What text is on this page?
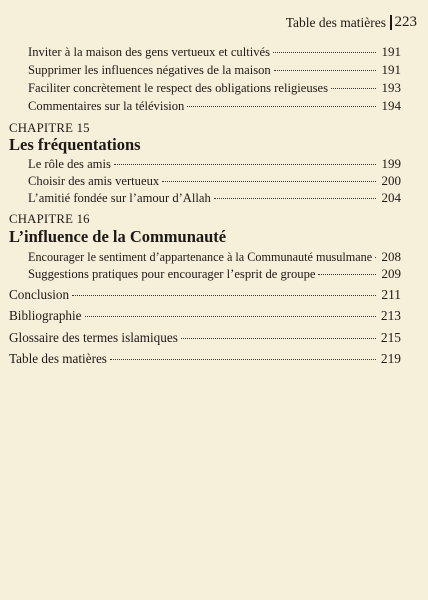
Table des matières 223
Inviter à la maison des gens vertueux et cultivés	191
Supprimer les influences négatives de la maison	191
Faciliter concrètement le respect des obligations religieuses	193
Commentaires sur la télévision	194
CHAPITRE 15
Les fréquentations
Le rôle des amis	199
Choisir des amis vertueux	200
L’amitié fondée sur l’amour d’Allah	204
CHAPITRE 16
L’influence de la Communauté
Encourager le sentiment d’appartenance à la Communauté musulmane 208
Suggestions pratiques pour encourager l’esprit de groupe	209
Conclusion	211
Bibliographie	213
Glossaire des termes islamiques	215
Table des matières	219
